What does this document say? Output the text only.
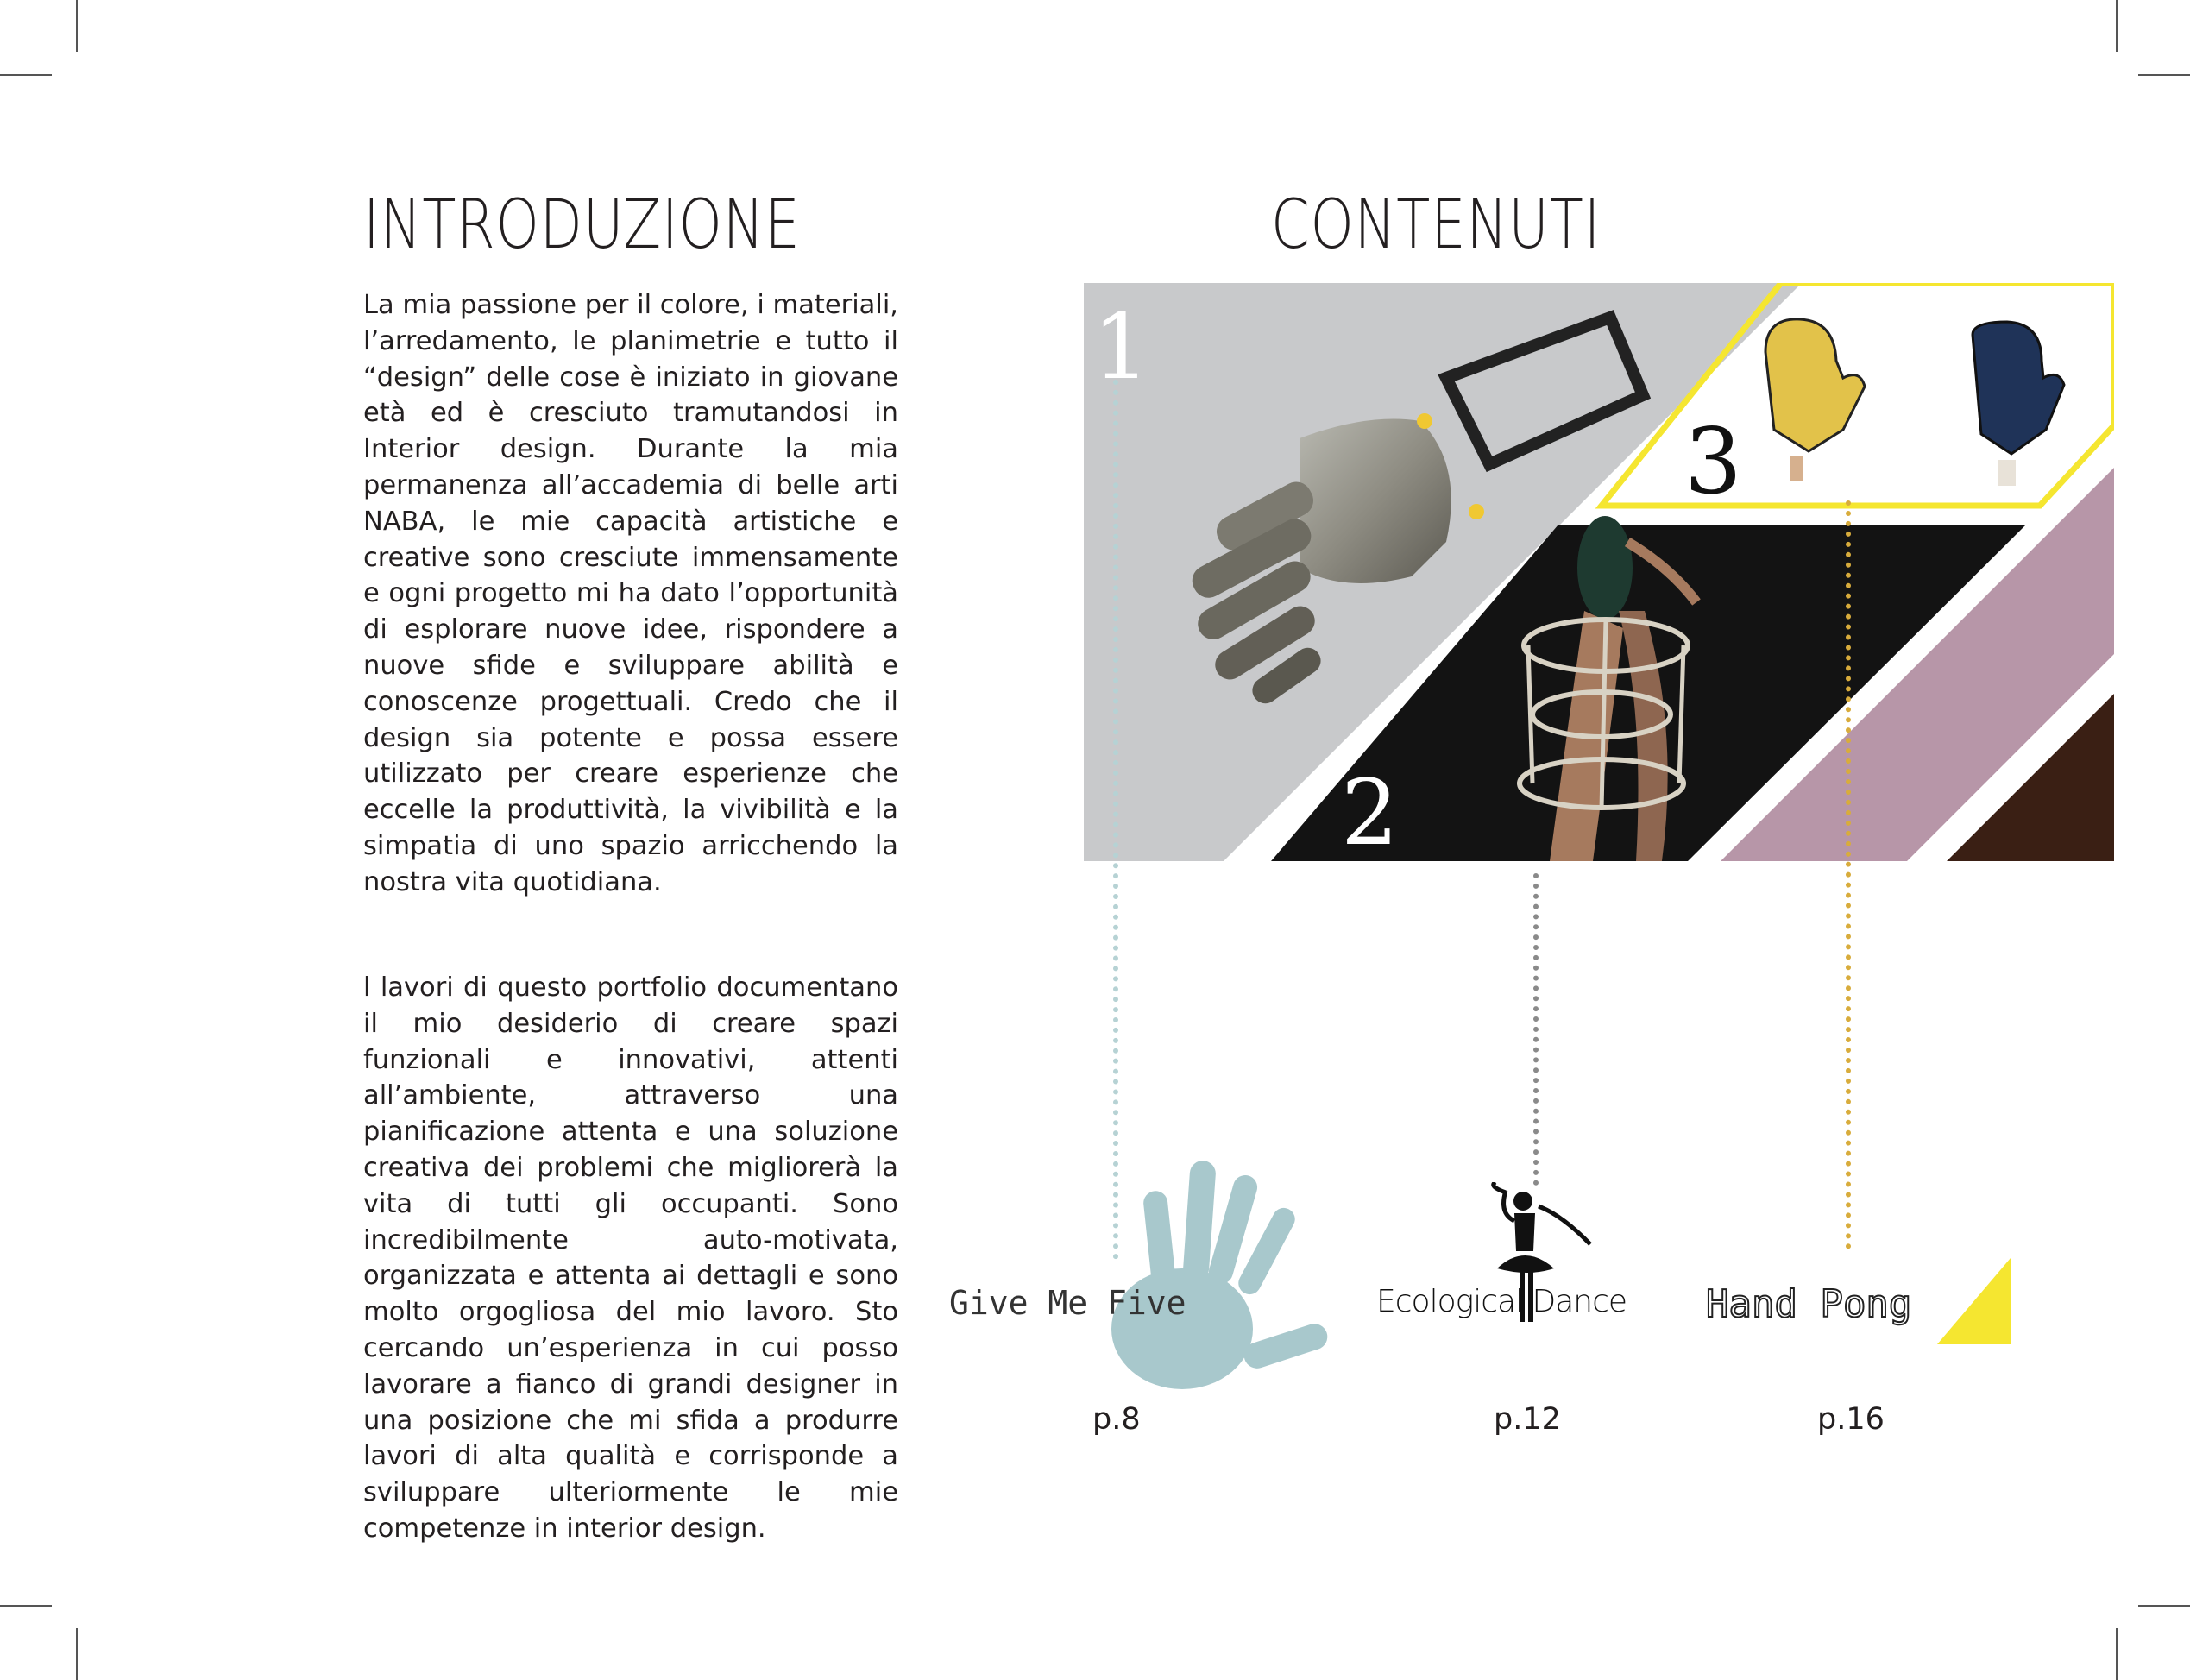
INTRODUZIONE

La mia passione per il colore, i materiali, l’arredamento, le planimetrie e tutto il “design” delle cose è iniziato in giovane età ed è cresciuto tramutandosi in Interior design. Durante la mia permanenza all’accademia di belle arti NABA, le mie capacità artistiche e creative sono cresciute immensamente e ogni progetto mi ha dato l’opportunità di esplorare nuove idee, rispondere a nuove sfide e sviluppare abilità e conoscenze progettuali. Credo che il design sia potente e possa essere utilizzato per creare esperienze che eccelle la produttività, la vivibilità e la simpatia di uno spazio arricchendo la nostra vita quotidiana.

l lavori di questo portfolio documentano il mio desiderio di creare spazi funzionali e innovativi, attenti all’ambiente, attraverso una pianificazione attenta e una soluzione creativa dei problemi che migliorerà la vita di tutti gli occupanti. Sono incredibilmente auto-motivata, organizzata e attenta ai dettagli e sono molto orgogliosa del mio lavoro. Sto cercando un’esperienza in cui posso lavorare a fianco di grandi designer in una posizione che mi sfida a produrre lavori di alta qualità e corrisponde a sviluppare ulteriormente le mie competenze in interior design.

CONTENUTI
1
2
3
Give Me Five
p.8
Ecological Dance
p.12
Hand Pong
p.16
